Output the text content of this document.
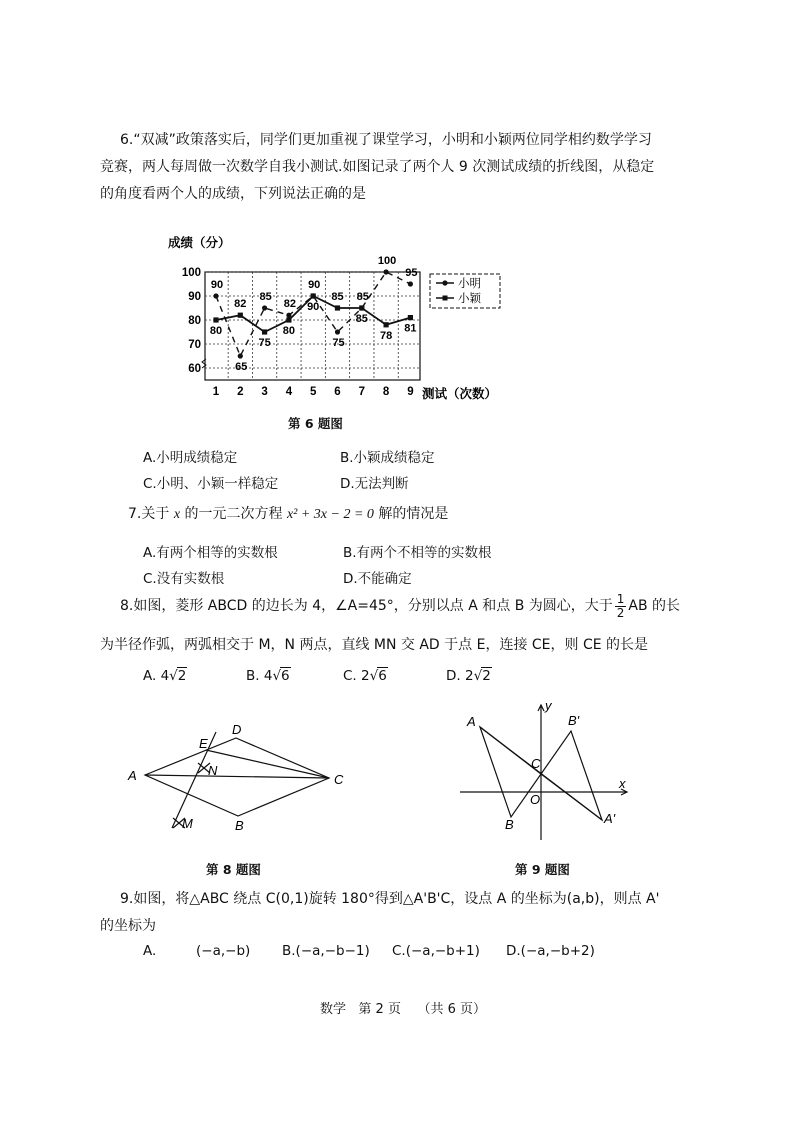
6.“双减”政策落实后，同学们更加重视了课堂学习，小明和小颖两位同学相约数学学习
竞赛，两人每周做一次数学自我小测试.如图记录了两个人 9 次测试成绩的折线图，从稳定
的角度看两个人的成绩，下列说法正确的是
成绩（分）
测试（次数）
60
70
80
90
100
1 2 3 4 5 6 7 8 9
90
65
85
82
90
75
85
100
95
80
82
75
80
90
85
85
78
81
小明
小颖
第 6 题图
A.小明成绩稳定	B.小颖成绩稳定
C.小明、小颖一样稳定	D.无法判断
7.关于 x 的一元二次方程 x² + 3x − 2 = 0 解的情况是
A.有两个相等的实数根	B.有两个不相等的实数根
C.没有实数根	D.不能确定
8.如图，菱形 ABCD 的边长为 4，∠A=45°，分别以点 A 和点 B 为圆心，大于 $\frac{1}{2}$ AB 的长
为半径作弧，两弧相交于 M，N 两点，直线 MN 交 AD 于点 E，连接 CE，则 CE 的长是
A. 4√2	B. 4√6	C. 2√6	D. 2√2
A
D
C
B
E
N
M
第 8 题图
A
B
C
O
A'
B'
x
y
第 9 题图
9.如图，将△ABC 绕点 C(0,1)旋转 180°得到△A'B'C，设点 A 的坐标为(a,b)，则点 A'
的坐标为
A.	(−a,−b) B.(−a,−b−1) C.(−a,−b+1) D.(−a,−b+2)
数学 第 2 页 （共 6 页）
